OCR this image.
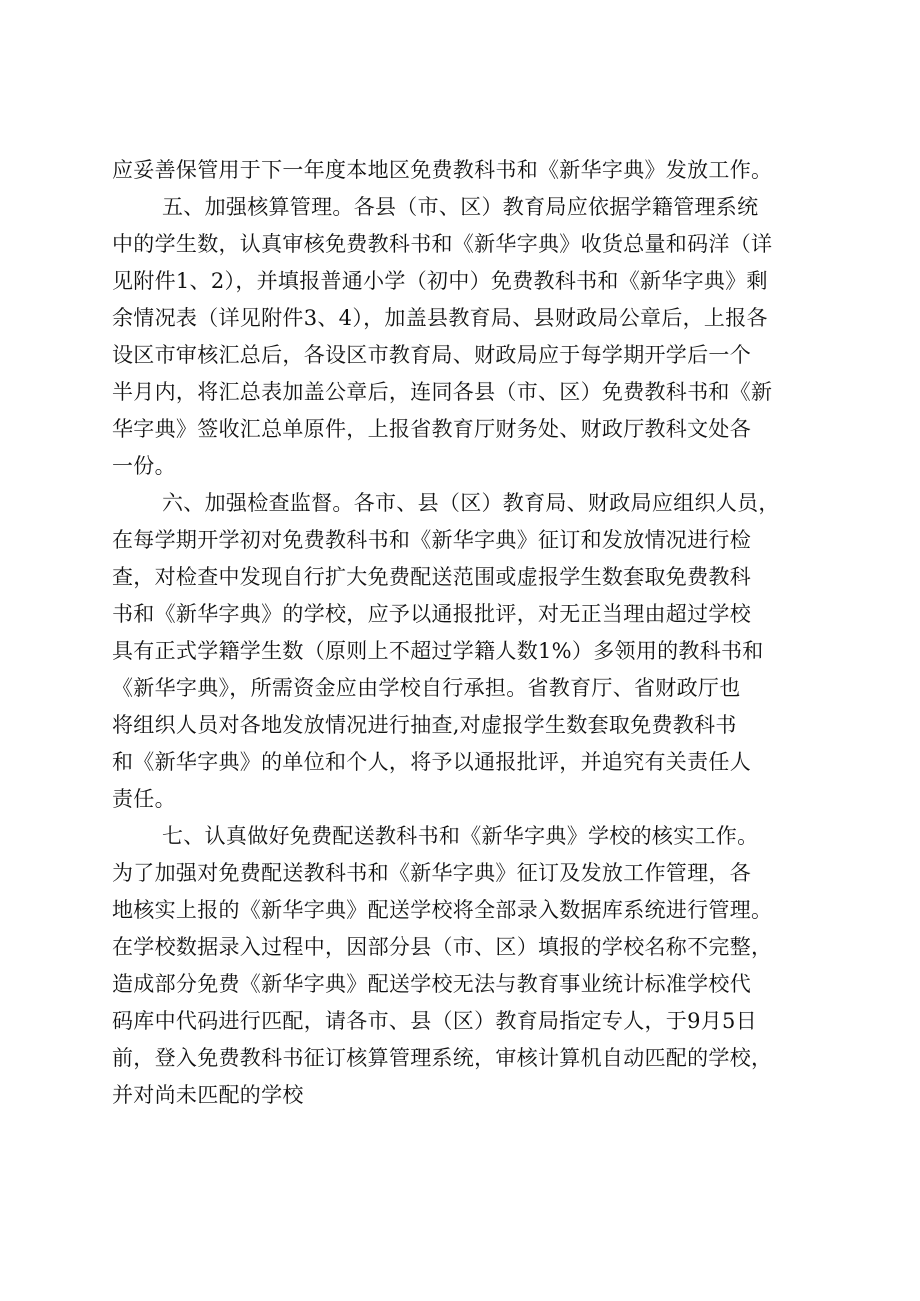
应妥善保管用于下一年度本地区免费教科书和《新华字典》发放工作。
五、加强核算管理。各县（市、区）教育局应依据学籍管理系统
中的学生数，认真审核免费教科书和《新华字典》收货总量和码洋（详
见附件1、2），并填报普通小学（初中）免费教科书和《新华字典》剩
余情况表（详见附件3、4），加盖县教育局、县财政局公章后，上报各
设区市审核汇总后，各设区市教育局、财政局应于每学期开学后一个
半月内，将汇总表加盖公章后，连同各县（市、区）免费教科书和《新
华字典》签收汇总单原件，上报省教育厅财务处、财政厅教科文处各
一份。
六、加强检查监督。各市、县（区）教育局、财政局应组织人员，
在每学期开学初对免费教科书和《新华字典》征订和发放情况进行检
查，对检查中发现自行扩大免费配送范围或虚报学生数套取免费教科
书和《新华字典》的学校，应予以通报批评，对无正当理由超过学校
具有正式学籍学生数（原则上不超过学籍人数1%）多领用的教科书和
《新华字典》，所需资金应由学校自行承担。省教育厅、省财政厅也
将组织人员对各地发放情况进行抽查,对虚报学生数套取免费教科书
和《新华字典》的单位和个人，将予以通报批评，并追究有关责任人
责任。
七、认真做好免费配送教科书和《新华字典》学校的核实工作。
为了加强对免费配送教科书和《新华字典》征订及发放工作管理，各
地核实上报的《新华字典》配送学校将全部录入数据库系统进行管理。
在学校数据录入过程中，因部分县（市、区）填报的学校名称不完整，
造成部分免费《新华字典》配送学校无法与教育事业统计标准学校代
码库中代码进行匹配，请各市、县（区）教育局指定专人，于9月5日
前，登入免费教科书征订核算管理系统，审核计算机自动匹配的学校，
并对尚未匹配的学校
